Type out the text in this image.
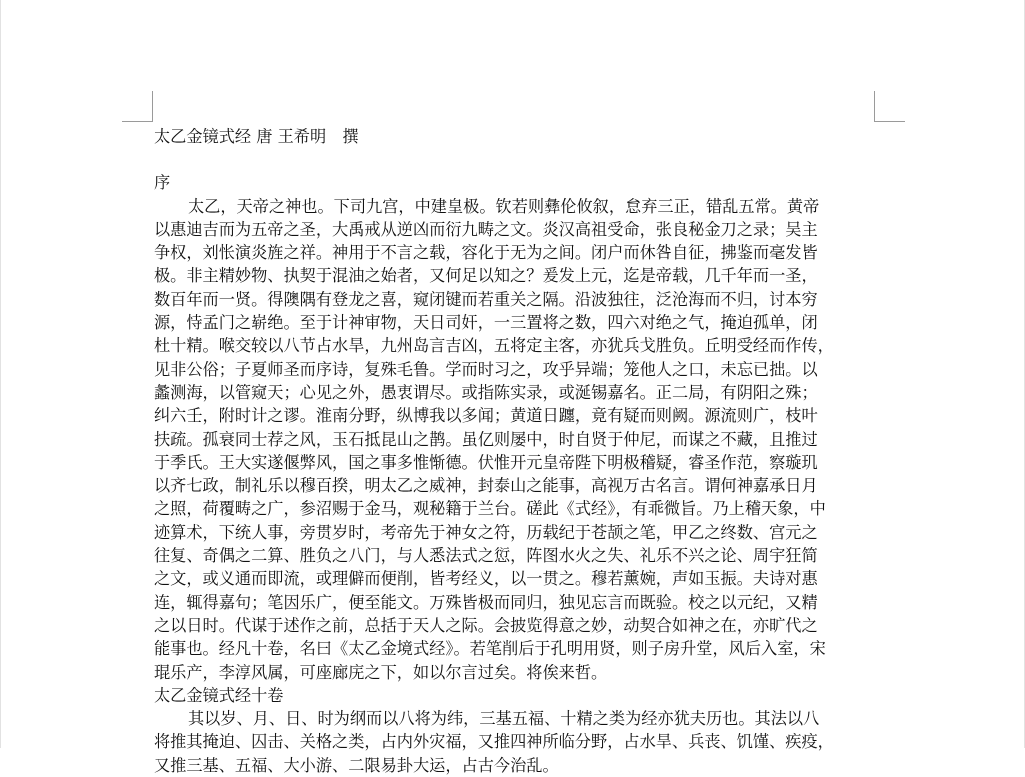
太乙金镜式经 唐 王希明　撰
序
太乙，天帝之神也。下司九宫，中建皇极。钦若则彝伦攸叙，怠弃三正，错乱五常。黄帝
以惠迪吉而为五帝之圣，大禹戒从逆凶而衍九畴之文。炎汉高祖受命，张良秘金刀之录；吴主
争权，刘怅演炎旌之祥。神用于不言之载，容化于无为之间。闭户而休咎自征，拂鉴而毫发皆
极。非主精妙物、执契于混油之始者，又何足以知之？爰发上元，迄是帝载，几千年而一圣，
数百年而一贤。得隩隅有登龙之喜，窥闭键而若重关之隔。沿波独往，泛沧海而不归，讨本穷
源，恃孟门之崭绝。至于计神审物，天日司奸，一三置将之数，四六对绝之气，掩迫孤单，闭
杜十精。喉交较以八节占水旱，九州岛言吉凶，五将定主客，亦犹兵戈胜负。丘明受经而作传，
见非公俗；子夏师圣而序诗，复殊毛鲁。学而时习之，攻乎异端；笼他人之口，未忘已拙。以
蠡测海，以管窥天；心见之外，愚衷谓尽。或指陈实录，或涎锡嘉名。正二局，有阴阳之殊；
纠六壬，附时计之谬。淮南分野，纵博我以多闻；黄道日躔，竟有疑而则阙。源流则广，枝叶
扶疏。孤衰同士荐之风，玉石抵昆山之鹊。虽亿则屡中，时自贤于仲尼，而谋之不藏，且推过
于季氏。王大实遂偃弊风，国之事多惟惭德。伏惟开元皇帝陛下明极稽疑，睿圣作范，察璇玑
以齐七政，制礼乐以穆百揆，明太乙之威神，封泰山之能事，高视万古名言。谓何神嘉承日月
之照，荷覆畴之广，参沼赐于金马，观秘籍于兰台。磋此《式经》，有乖微旨。乃上稽天象，中
迹算术，下统人事，旁贯岁时，考帝先于神女之符，历载纪于苍颉之笔，甲乙之终数、宫元之
往复、奇偶之二算、胜负之八门，与人悉法式之愆，阵图水火之失、礼乐不兴之论、周宇狂简
之文，或义通而即流，或理僻而便削，皆考经义，以一贯之。穆若薰婉，声如玉振。夫诗对惠
连，辄得嘉句；笔因乐广，便至能文。万殊皆极而同归，独见忘言而既验。校之以元纪，又精
之以日时。代谋于述作之前，总括于天人之际。会披览得意之妙，动契合如神之在，亦旷代之
能事也。经凡十卷，名曰《太乙金境式经》。若笔削后于孔明用贤，则子房升堂，风后入室，宋
琨乐产，李淳风属，可座廊庑之下，如以尔言过矣。将俟来哲。
太乙金镜式经十卷
其以岁、月、日、时为纲而以八将为纬，三基五福、十精之类为经亦犹夫历也。其法以八
将推其掩迫、囚击、关格之类，占内外灾福，又推四神所临分野，占水旱、兵丧、饥馑、疾疫，
又推三基、五福、大小游、二限易卦大运，占古今治乱。
